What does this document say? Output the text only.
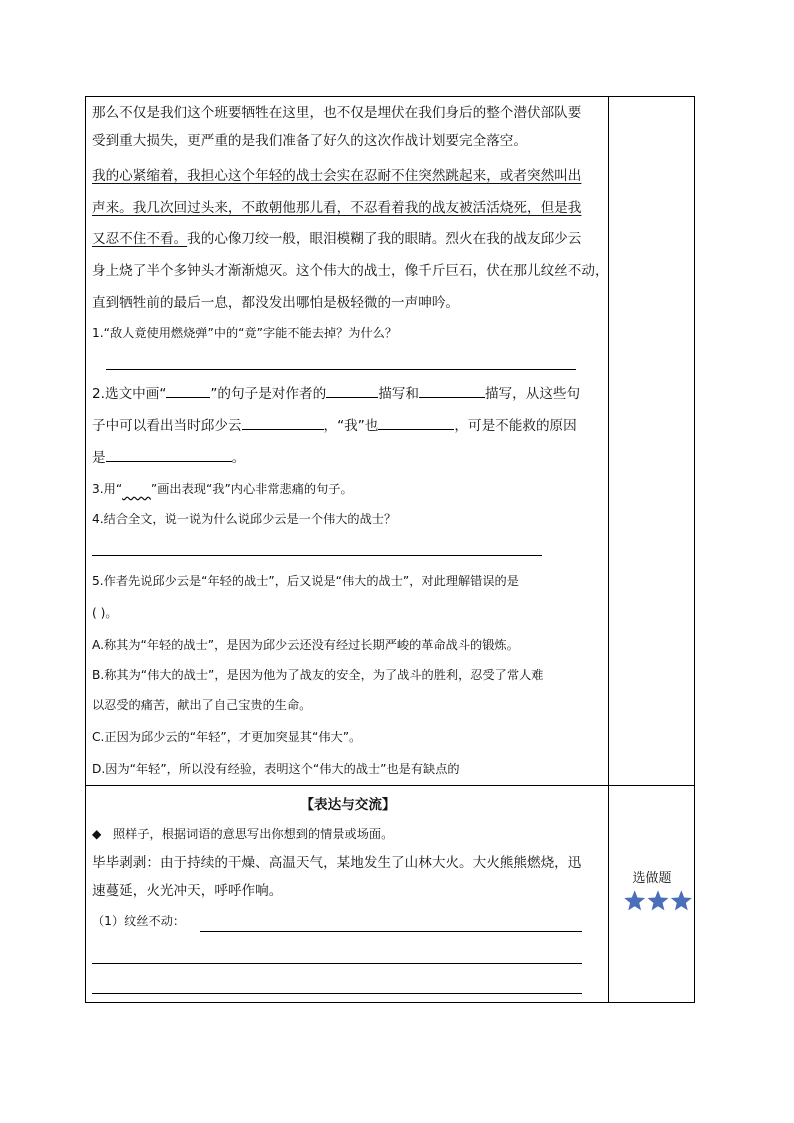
那么不仅是我们这个班要牺牲在这里，也不仅是埋伏在我们身后的整个潜伏部队要
受到重大损失，更严重的是我们准备了好久的这次作战计划要完全落空。
我的心紧缩着，我担心这个年轻的战士会实在忍耐不住突然跳起来，或者突然叫出
声来。我几次回过头来，不敢朝他那儿看，不忍看着我的战友被活活烧死，但是我
又忍不住不看。我的心像刀绞一般，眼泪模糊了我的眼睛。烈火在我的战友邱少云
身上烧了半个多钟头才渐渐熄灭。这个伟大的战士，像千斤巨石，伏在那儿纹丝不动，
直到牺牲前的最后一息，都没发出哪怕是极轻微的一声呻吟。
1.“敌人竟使用燃烧弹”中的“竟”字能不能去掉？为什么？
2.选文中画“	”的句子是对作者的	描写和	描写，从这些句
子中可以看出当时邱少云	，“我”也	，可是不能救的原因
是	。
3.用“ ”画出表现“我”内心非常悲痛的句子。
4.结合全文，说一说为什么说邱少云是一个伟大的战士？
5.作者先说邱少云是“年轻的战士”，后又说是“伟大的战士”，对此理解错误的是
( )。
A.称其为“年轻的战士”，是因为邱少云还没有经过长期严峻的革命战斗的锻炼。
B.称其为“伟大的战士”，是因为他为了战友的安全，为了战斗的胜利，忍受了常人难
以忍受的痛苦，献出了自己宝贵的生命。
C.正因为邱少云的“年轻”，才更加突显其“伟大”。
D.因为“年轻”，所以没有经验，表明这个“伟大的战士”也是有缺点的
【表达与交流】
◆ 照样子，根据词语的意思写出你想到的情景或场面。
毕毕剥剥：由于持续的干燥、高温天气，某地发生了山林大火。大火熊熊燃烧，迅
速蔓延，火光冲天，呼呼作响。
（1）纹丝不动：
选做题
